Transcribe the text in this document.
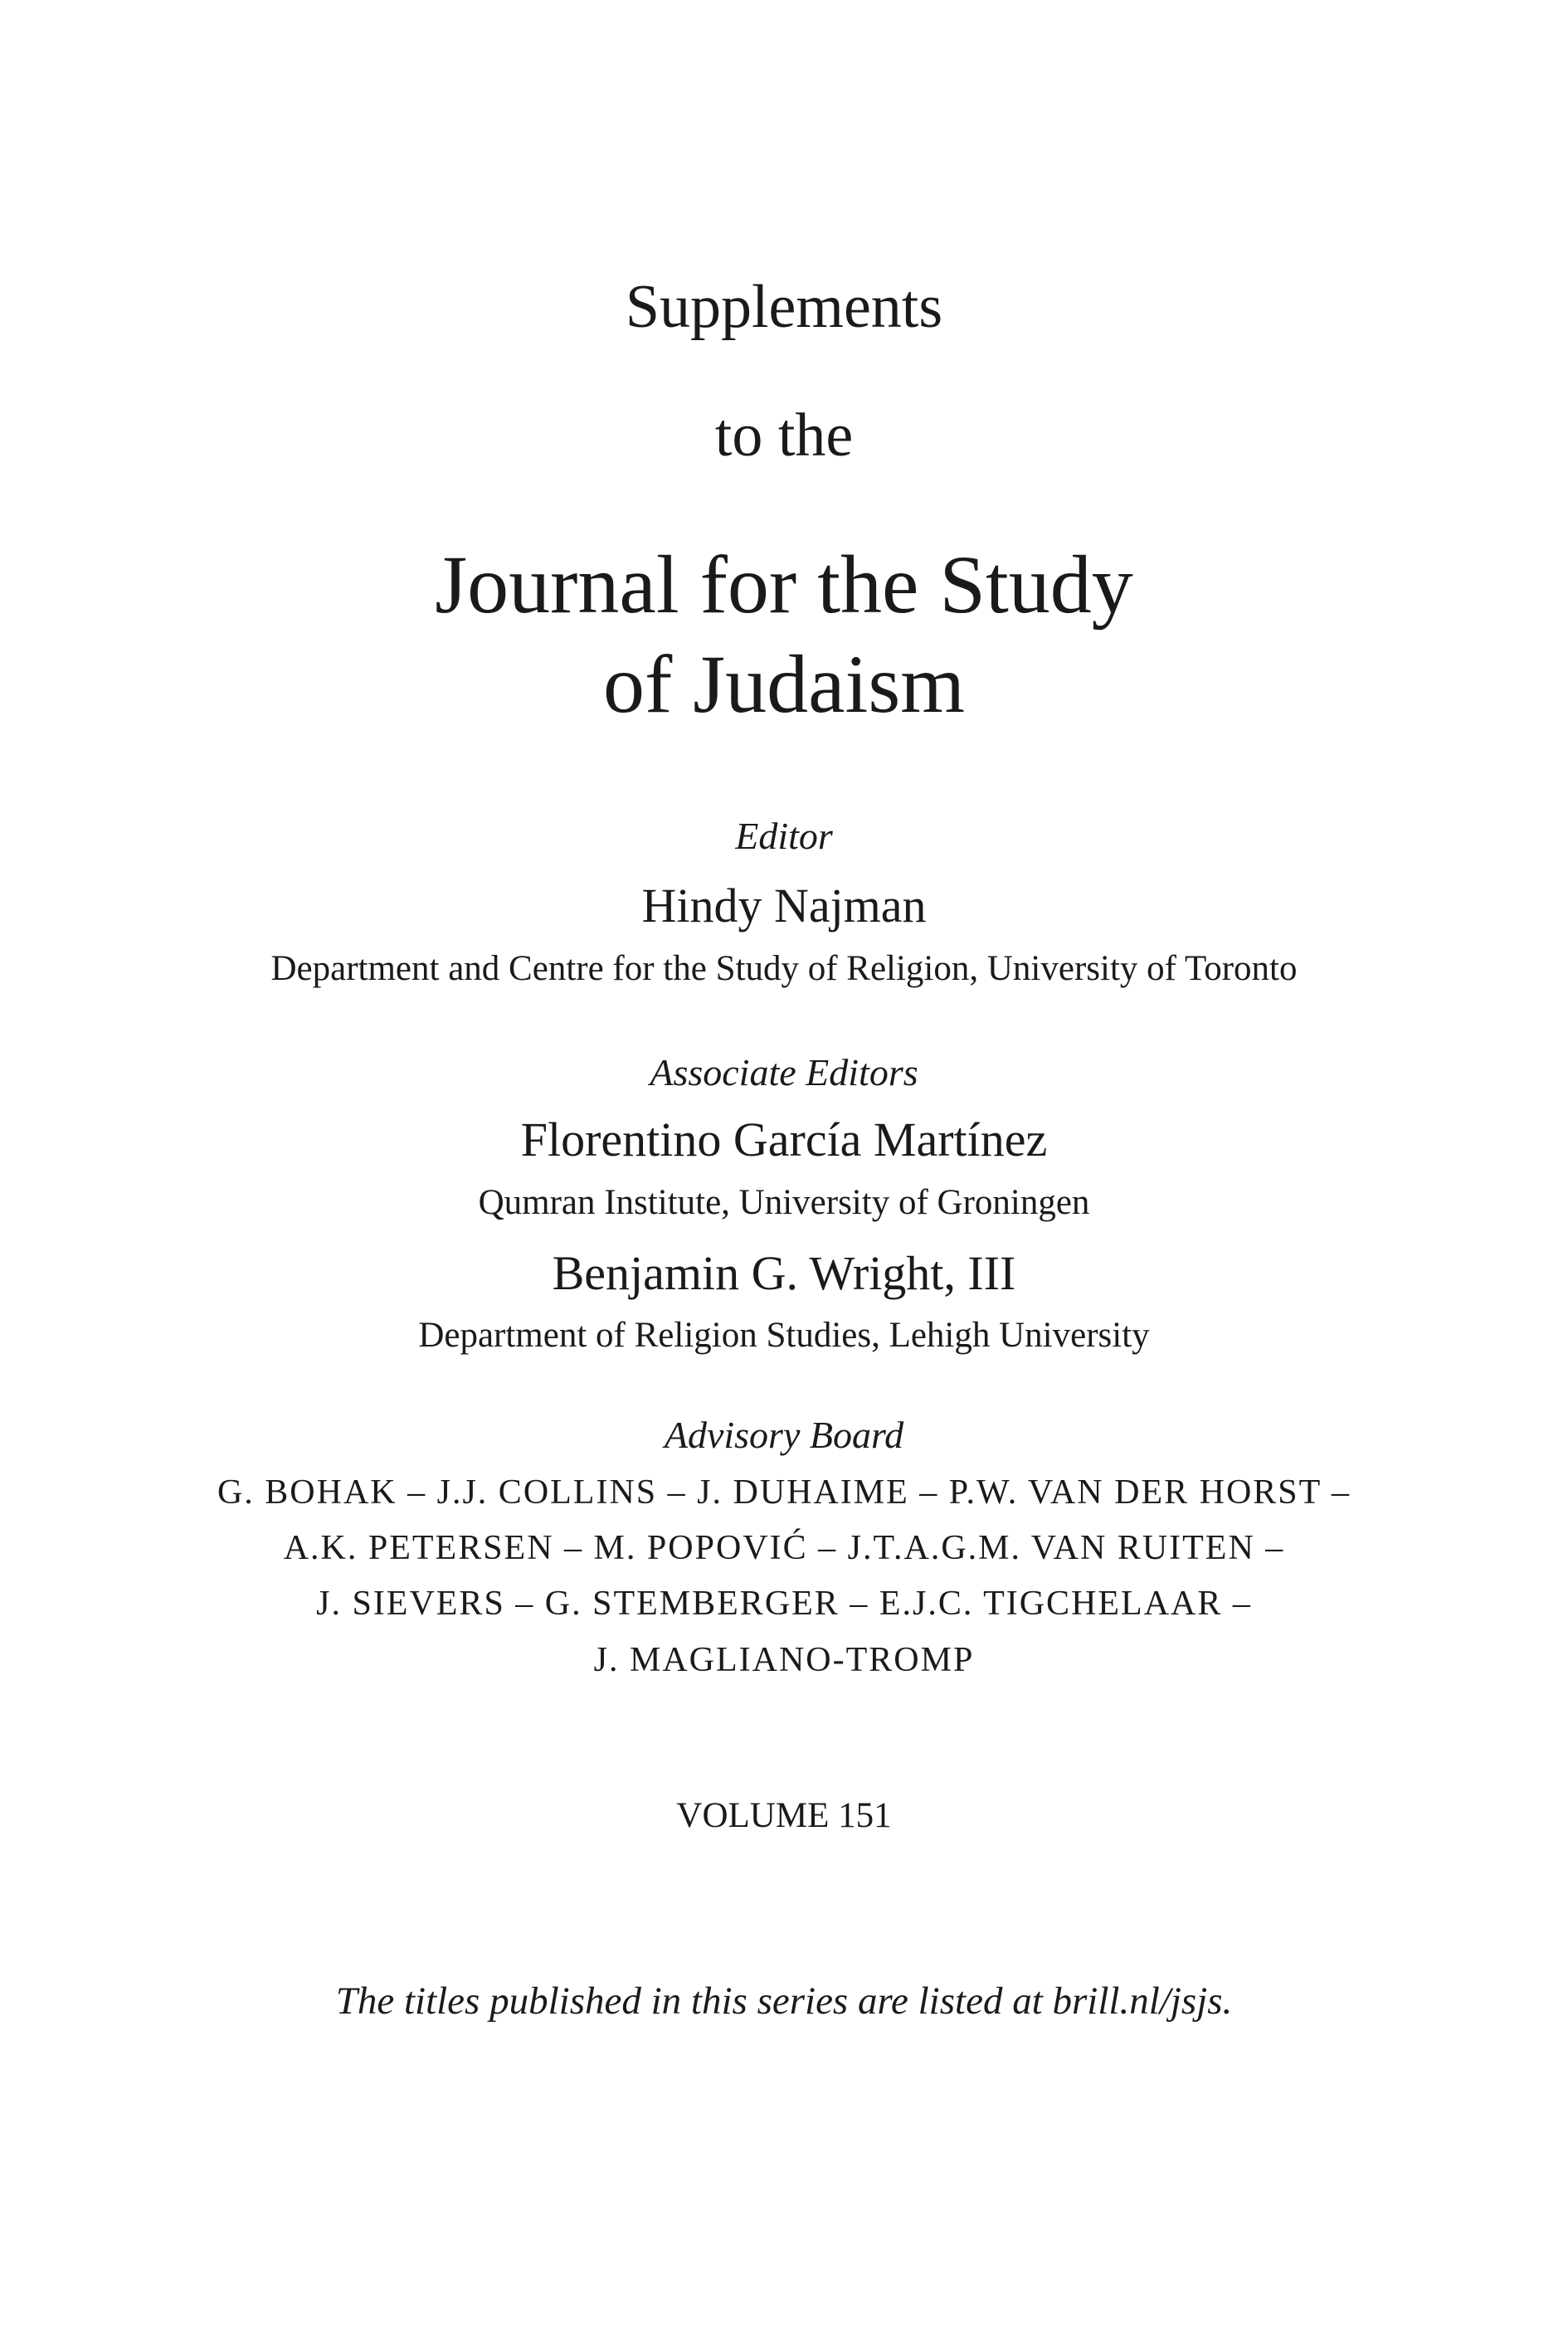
Supplements
to the
Journal for the Study
of Judaism
Editor
Hindy Najman
Department and Centre for the Study of Religion, University of Toronto
Associate Editors
Florentino García Martínez
Qumran Institute, University of Groningen
Benjamin G. Wright, III
Department of Religion Studies, Lehigh University
Advisory Board
G. BOHAK – J.J. COLLINS – J. DUHAIME – P.W. VAN DER HORST –
A.K. PETERSEN – M. POPOVIĆ – J.T.A.G.M. VAN RUITEN –
J. SIEVERS – G. STEMBERGER – E.J.C. TIGCHELAAR –
J. MAGLIANO-TROMP
VOLUME 151
The titles published in this series are listed at brill.nl/jsjs.
